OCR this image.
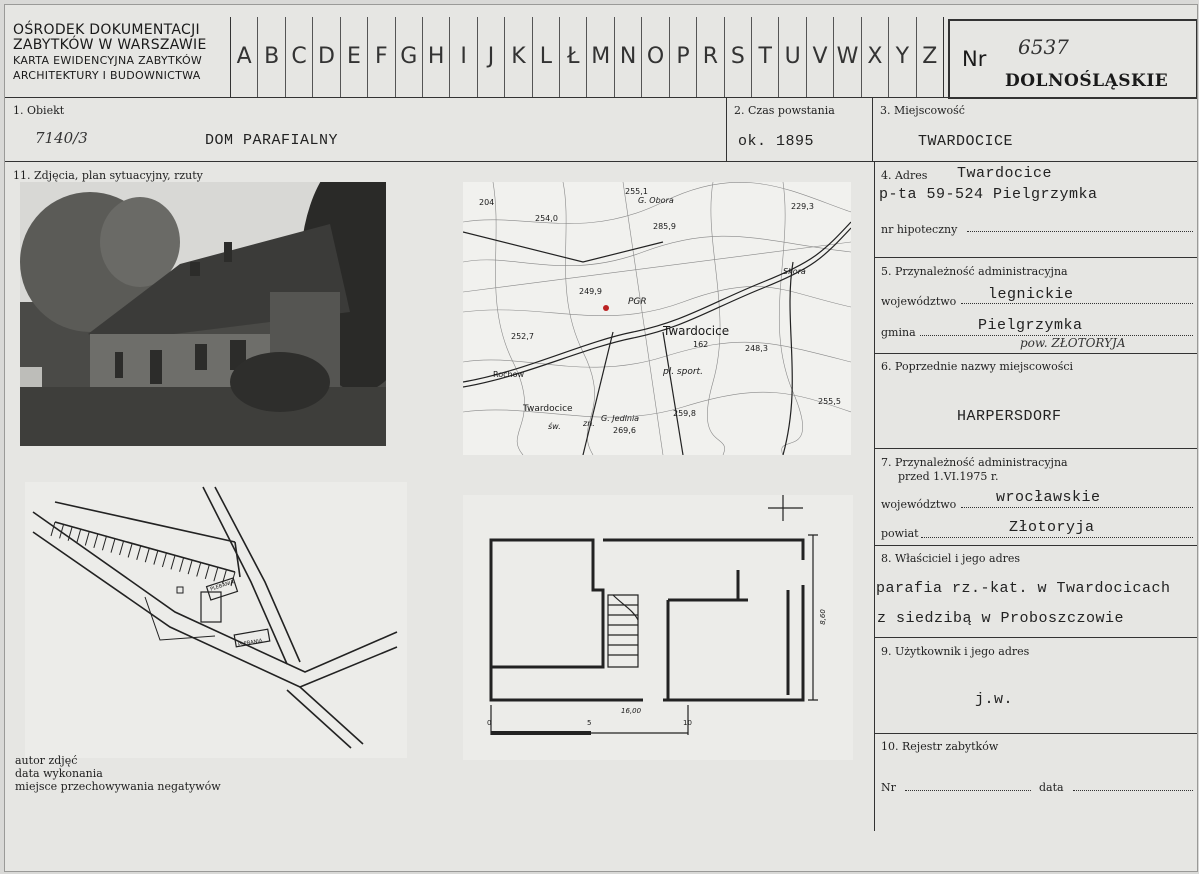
OŚRODEK DOKUMENTACJI
ZABYTKÓW W WARSZAWIE
KARTA EWIDENCYJNA ZABYTKÓW
ARCHITEKTURY I BUDOWNICTWA
A B C D E F G H I J K L Ł M N O P R S T U V W X Y Z Nr 6537
DOLNOŚLĄSKIE
1. Obiekt
7140/3	DOM PARAFIALNY
2. Czas powstania
ok. 1895
3. Miejscowość
TWARDOCICE
11. Zdjęcia, plan sytuacyjny, rzuty
Twardocice
PGR
pl. sport.
G. Obora
G. Jedlnia
Skora
Rochow
Twardocice
zn.
św.
255,1
254,0
285,9
229,3
249,9
252,7
162	248,3
255,5
259,8
269,6
204
PLEBANIA
PLEBANIA
16,00
8,60
0	5	10
autor zdjęć
data wykonania
miejsce przechowywania negatywów
4. Adres Twardocice
p-ta 59-524 Pielgrzymka
nr hipoteczny
5. Przynależność administracyjna
województwo legnickie
gmina	Pielgrzymka
pow. ZŁOTORYJA
6. Poprzednie nazwy miejscowości
HARPERSDORF
7. Przynależność administracyjna
przed 1.VI.1975 r.
województwo	wrocławskie
powiat	Złotoryja
8. Właściciel i jego adres
parafia rz.-kat. w Twardocicach
z siedzibą w Proboszczowie
9. Użytkownik i jego adres
j.w.
10. Rejestr zabytków
Nr	data
